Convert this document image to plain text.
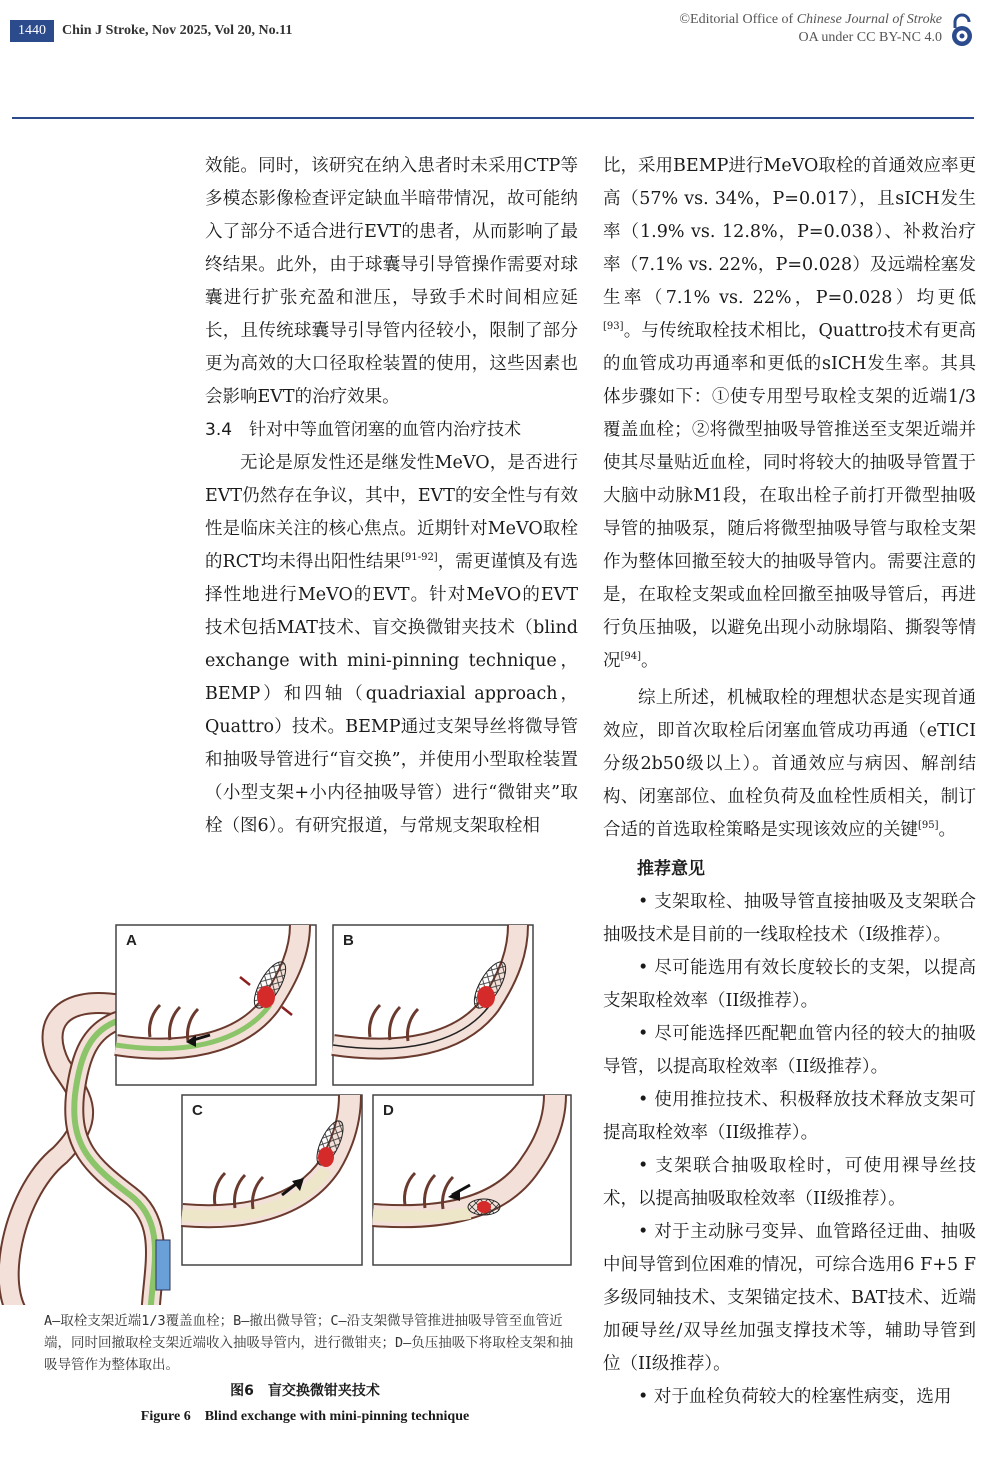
1440	Chin J Stroke, Nov 2025, Vol 20, No.11
©Editorial Office of Chinese Journal of Stroke
OA under CC BY-NC 4.0

效能。同时，该研究在纳入患者时未采用CTP等多模态影像检查评定缺血半暗带情况，故可能纳入了部分不适合进行EVT的患者，从而影响了最终结果。此外，由于球囊导引导管操作需要对球囊进行扩张充盈和泄压，导致手术时间相应延长，且传统球囊导引导管内径较小，限制了部分更为高效的大口径取栓装置的使用，这些因素也会影响EVT的治疗效果。

3.4　针对中等血管闭塞的血管内治疗技术

无论是原发性还是继发性MeVO，是否进行EVT仍然存在争议，其中，EVT的安全性与有效性是临床关注的核心焦点。近期针对MeVO取栓的RCT均未得出阳性结果[91-92]，需更谨慎及有选择性地进行MeVO的EVT。针对MeVO的EVT技术包括MAT技术、盲交换微钳夹技术（blind exchange with mini-pinning technique，BEMP）和四轴（quadriaxial approach，Quattro）技术。BEMP通过支架导丝将微导管和抽吸导管进行“盲交换”，并使用小型取栓装置（小型支架+小内径抽吸导管）进行“微钳夹”取栓（图6）。有研究报道，与常规支架取栓相

比，采用BEMP进行MeVO取栓的首通效应率更高（57% vs. 34%，P=0.017），且sICH发生率（1.9% vs. 12.8%，P=0.038）、补救治疗率（7.1% vs. 22%，P=0.028）及远端栓塞发生率（7.1% vs. 22%，P=0.028）均更低[93]。与传统取栓技术相比，Quattro技术有更高的血管成功再通率和更低的sICH发生率。其具体步骤如下：①使专用型号取栓支架的近端1/3覆盖血栓；②将微型抽吸导管推送至支架近端并使其尽量贴近血栓，同时将较大的抽吸导管置于大脑中动脉M1段，在取出栓子前打开微型抽吸导管的抽吸泵，随后将微型抽吸导管与取栓支架作为整体回撤至较大的抽吸导管内。需要注意的是，在取栓支架或血栓回撤至抽吸导管后，再进行负压抽吸，以避免出现小动脉塌陷、撕裂等情况[94]。

综上所述，机械取栓的理想状态是实现首通效应，即首次取栓后闭塞血管成功再通（eTICI分级2b50级以上）。首通效应与病因、解剖结构、闭塞部位、血栓负荷及血栓性质相关，制订合适的首选取栓策略是实现该效应的关键[95]。

推荐意见

• 支架取栓、抽吸导管直接抽吸及支架联合抽吸技术是目前的一线取栓技术（I级推荐）。

• 尽可能选用有效长度较长的支架，以提高支架取栓效率（II级推荐）。

• 尽可能选择匹配靶血管内径的较大的抽吸导管，以提高取栓效率（II级推荐）。

• 使用推拉技术、积极释放技术释放支架可提高取栓效率（II级推荐）。

• 支架联合抽吸取栓时，可使用裸导丝技术，以提高抽吸取栓效率（II级推荐）。

• 对于主动脉弓变异、血管路径迂曲、抽吸中间导管到位困难的情况，可综合选用6 F+5 F多级同轴技术、支架锚定技术、BAT技术、近端加硬导丝/双导丝加强支撑技术等，辅助导管到位（II级推荐）。

• 对于血栓负荷较大的栓塞性病变，选用

A	B
C	D
A—取栓支架近端1/3覆盖血栓；B—撤出微导管；C—沿支架微导管推进抽吸导管至血管近端，同时回撤取栓支架近端收入抽吸导管内，进行微钳夹；D—负压抽吸下将取栓支架和抽吸导管作为整体取出。
图6　盲交换微钳夹技术
Figure 6　Blind exchange with mini-pinning technique
